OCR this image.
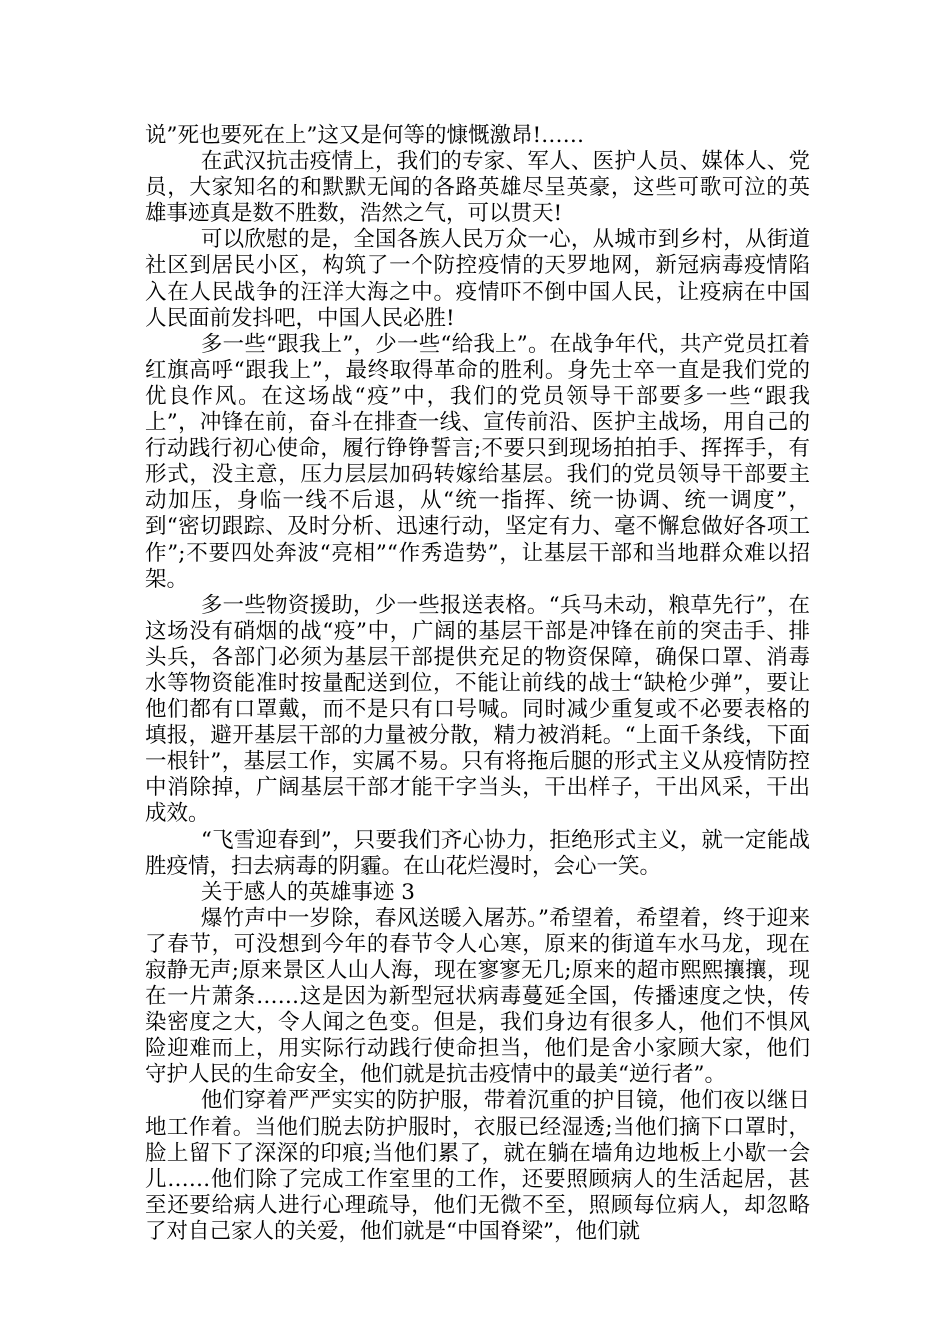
说”死也要死在上”这又是何等的慷慨激昂!……

在武汉抗击疫情上，我们的专家、军人、医护人员、媒体人、党员，大家知名的和默默无闻的各路英雄尽呈英豪，这些可歌可泣的英雄事迹真是数不胜数，浩然之气，可以贯天!

可以欣慰的是，全国各族人民万众一心，从城市到乡村，从街道社区到居民小区，构筑了一个防控疫情的天罗地网，新冠病毒疫情陷入在人民战争的汪洋大海之中。疫情吓不倒中国人民，让疫病在中国人民面前发抖吧，中国人民必胜!

多一些“跟我上”，少一些“给我上”。在战争年代，共产党员扛着红旗高呼“跟我上”，最终取得革命的胜利。身先士卒一直是我们党的优良作风。在这场战“疫”中，我们的党员领导干部要多一些“跟我上”，冲锋在前，奋斗在排查一线、宣传前沿、医护主战场，用自己的行动践行初心使命，履行铮铮誓言;不要只到现场拍拍手、挥挥手，有形式，没主意，压力层层加码转嫁给基层。我们的党员领导干部要主动加压，身临一线不后退，从“统一指挥、统一协调、统一调度”，到“密切跟踪、及时分析、迅速行动，坚定有力、毫不懈怠做好各项工作”;不要四处奔波“亮相”“作秀造势”，让基层干部和当地群众难以招架。

多一些物资援助，少一些报送表格。“兵马未动，粮草先行”，在这场没有硝烟的战“疫”中，广阔的基层干部是冲锋在前的突击手、排头兵，各部门必须为基层干部提供充足的物资保障，确保口罩、消毒水等物资能准时按量配送到位，不能让前线的战士“缺枪少弹”，要让他们都有口罩戴，而不是只有口号喊。同时减少重复或不必要表格的填报，避开基层干部的力量被分散，精力被消耗。“上面千条线，下面一根针”，基层工作，实属不易。只有将拖后腿的形式主义从疫情防控中消除掉，广阔基层干部才能干字当头，干出样子，干出风采，干出成效。

“飞雪迎春到”，只要我们齐心协力，拒绝形式主义，就一定能战胜疫情，扫去病毒的阴霾。在山花烂漫时，会心一笑。

关于感人的英雄事迹 3

爆竹声中一岁除，春风送暖入屠苏。”希望着，希望着，终于迎来了春节，可没想到今年的春节令人心寒，原来的街道车水马龙，现在寂静无声;原来景区人山人海，现在寥寥无几;原来的超市熙熙攘攘，现在一片萧条……这是因为新型冠状病毒蔓延全国，传播速度之快，传染密度之大，令人闻之色变。但是，我们身边有很多人，他们不惧风险迎难而上，用实际行动践行使命担当，他们是舍小家顾大家，他们守护人民的生命安全，他们就是抗击疫情中的最美“逆行者”。

他们穿着严严实实的防护服，带着沉重的护目镜，他们夜以继日地工作着。当他们脱去防护服时，衣服已经湿透;当他们摘下口罩时，脸上留下了深深的印痕;当他们累了，就在躺在墙角边地板上小歇一会儿……他们除了完成工作室里的工作，还要照顾病人的生活起居，甚至还要给病人进行心理疏导，他们无微不至，照顾每位病人，却忽略了对自己家人的关爱，他们就是“中国脊梁”，他们就
